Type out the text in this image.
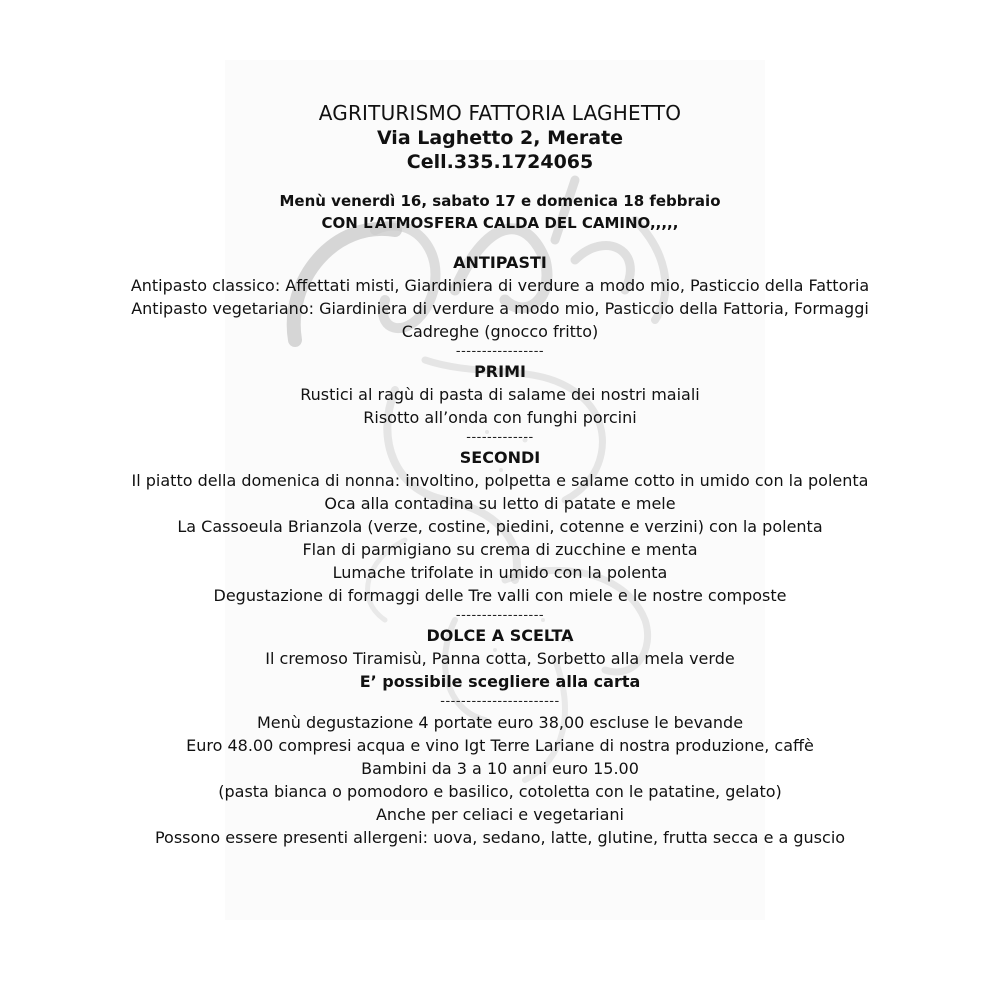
AGRITURISMO FATTORIA LAGHETTO
Via Laghetto 2, Merate
Cell.335.1724065
Menù venerdì 16, sabato 17 e domenica 18 febbraio
CON L’ATMOSFERA CALDA DEL CAMINO,,,,,
ANTIPASTI
Antipasto classico: Affettati misti, Giardiniera di verdure a modo mio, Pasticcio della Fattoria
Antipasto vegetariano: Giardiniera di verdure a modo mio, Pasticcio della Fattoria, Formaggi
Cadreghe (gnocco fritto)
-----------------
PRIMI
Rustici al ragù di pasta di salame dei nostri maiali
Risotto all’onda con funghi porcini
-------------
SECONDI
Il piatto della domenica di nonna: involtino, polpetta e salame cotto in umido con la polenta
Oca alla contadina su letto di patate e mele
La Cassoeula Brianzola (verze, costine, piedini, cotenne e verzini) con la polenta
Flan di parmigiano su crema di zucchine e menta
Lumache trifolate in umido con la polenta
Degustazione di formaggi delle Tre valli con miele e le nostre composte
-----------------
DOLCE A SCELTA
Il cremoso Tiramisù, Panna cotta, Sorbetto alla mela verde
E’ possibile scegliere alla carta
-----------------------
Menù degustazione 4 portate euro 38,00 escluse le bevande
Euro 48.00 compresi acqua e vino Igt Terre Lariane di nostra produzione, caffè
Bambini da 3 a 10 anni euro 15.00
(pasta bianca o pomodoro e basilico, cotoletta con le patatine, gelato)
Anche per celiaci e vegetariani
Possono essere presenti allergeni: uova, sedano, latte, glutine, frutta secca e a guscio
